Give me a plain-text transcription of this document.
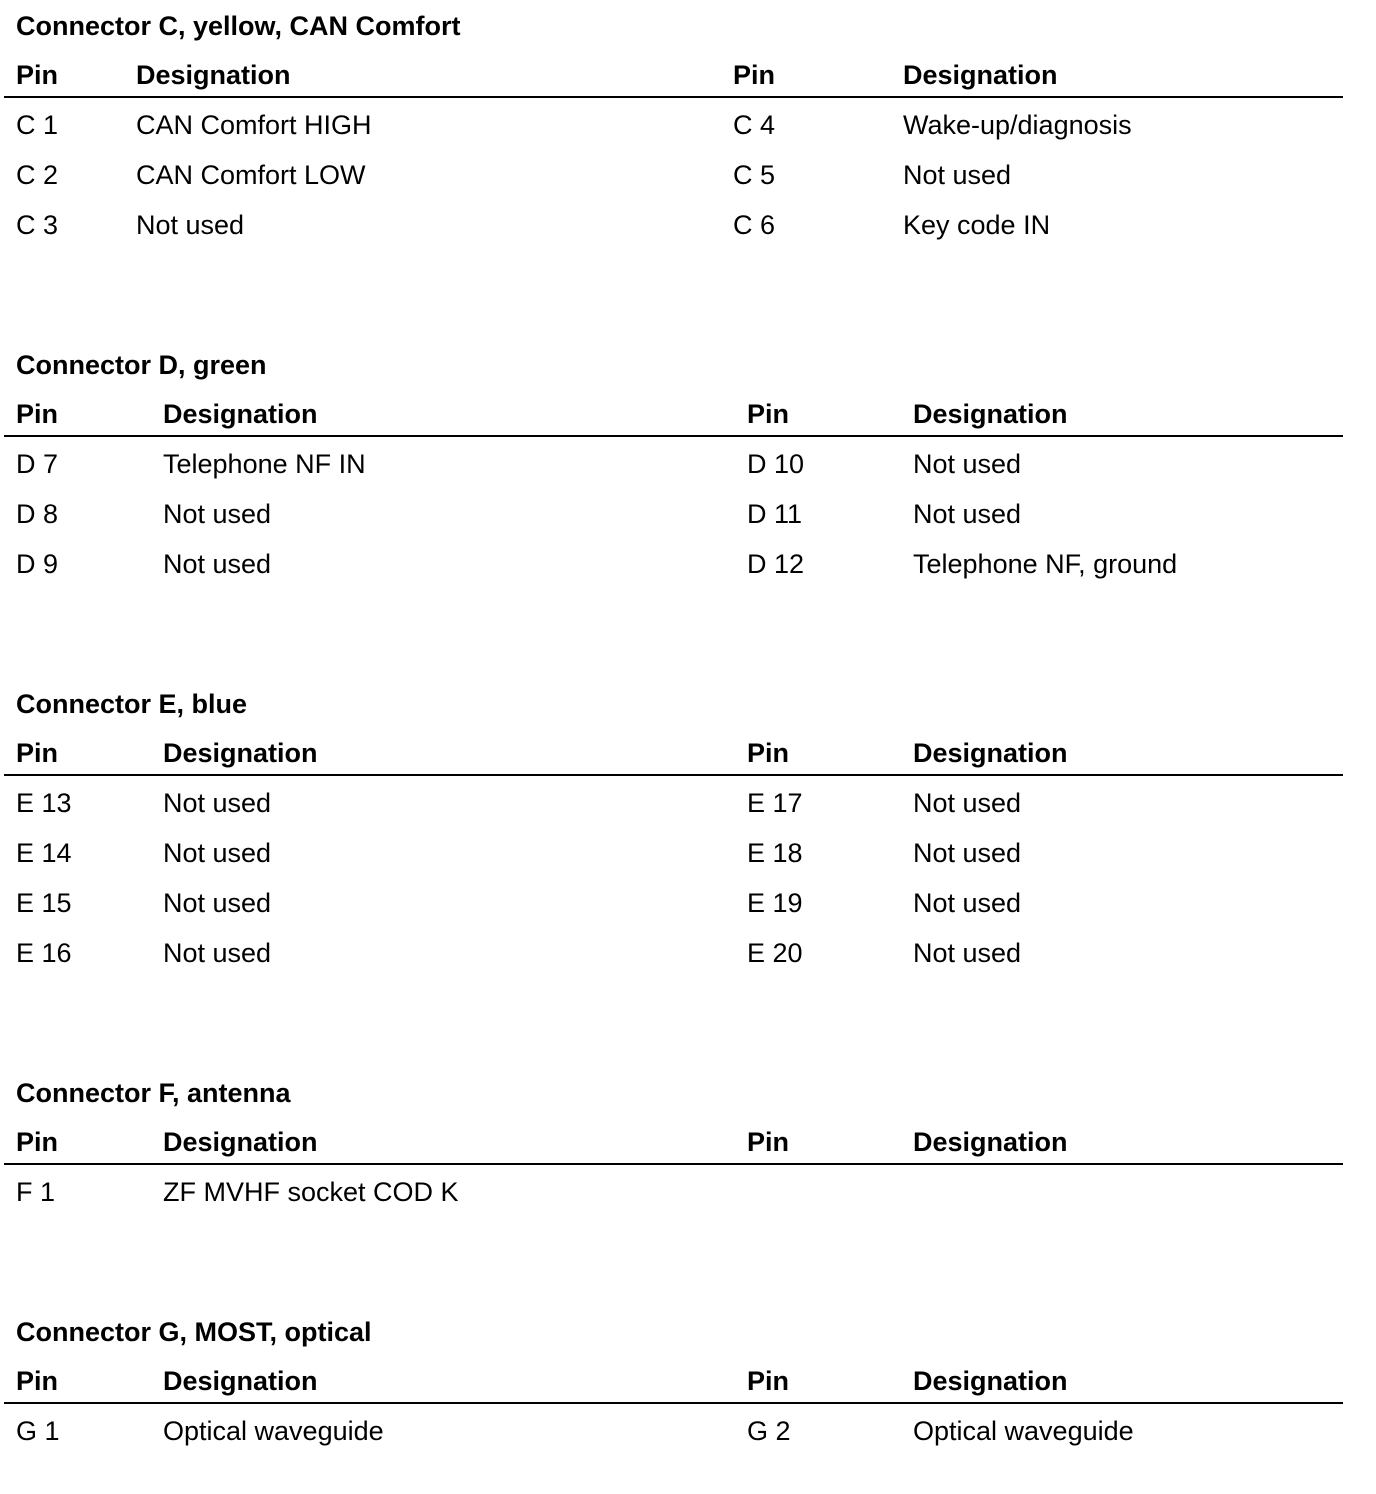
Connector C, yellow, CAN Comfort
Pin	Designation	Pin	Designation
C 1	CAN Comfort HIGH	C 4	Wake-up/diagnosis
C 2	CAN Comfort LOW	C 5	Not used
C 3	Not used	C 6	Key code IN
Connector D, green
Pin	Designation	Pin	Designation
D 7	Telephone NF IN	D 10	Not used
D 8	Not used	D 11	Not used
D 9	Not used	D 12	Telephone NF, ground
Connector E, blue
Pin	Designation	Pin	Designation
E 13	Not used	E 17	Not used
E 14	Not used	E 18	Not used
E 15	Not used	E 19	Not used
E 16	Not used	E 20	Not used
Connector F, antenna
Pin	Designation	Pin	Designation
F 1	ZF MVHF socket COD K
Connector G, MOST, optical
Pin	Designation	Pin	Designation
G 1	Optical waveguide	G 2	Optical waveguide
